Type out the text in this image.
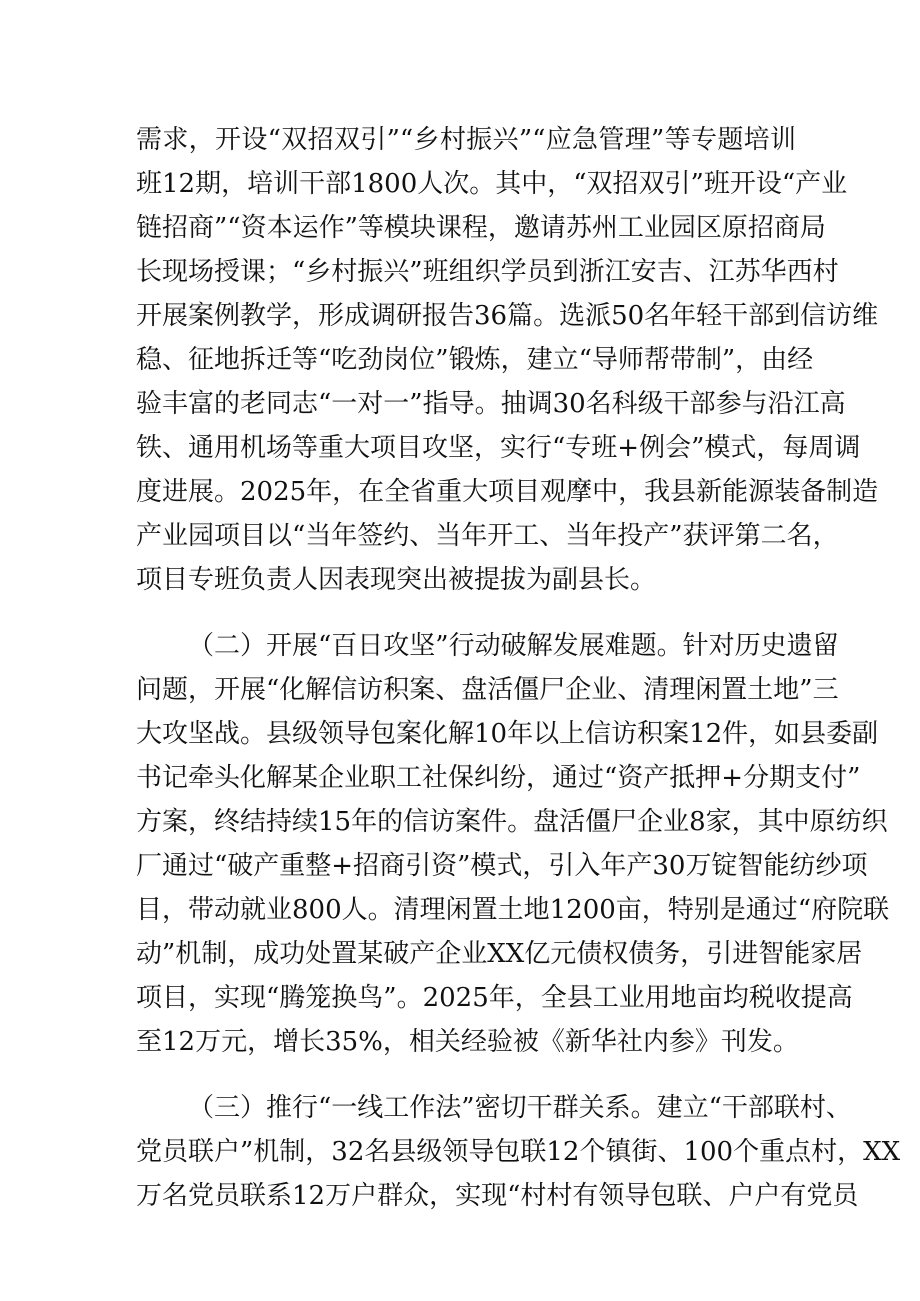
需求，开设“双招双引”“乡村振兴”“应急管理”等专题培训
班12期，培训干部1800人次。其中，“双招双引”班开设“产业
链招商”“资本运作”等模块课程，邀请苏州工业园区原招商局
长现场授课；“乡村振兴”班组织学员到浙江安吉、江苏华西村
开展案例教学，形成调研报告36篇。选派50名年轻干部到信访维
稳、征地拆迁等“吃劲岗位”锻炼，建立“导师帮带制”，由经
验丰富的老同志“一对一”指导。抽调30名科级干部参与沿江高
铁、通用机场等重大项目攻坚，实行“专班+例会”模式，每周调
度进展。2025年，在全省重大项目观摩中，我县新能源装备制造
产业园项目以“当年签约、当年开工、当年投产”获评第二名，
项目专班负责人因表现突出被提拔为副县长。
（二）开展“百日攻坚”行动破解发展难题。针对历史遗留
问题，开展“化解信访积案、盘活僵尸企业、清理闲置土地”三
大攻坚战。县级领导包案化解10年以上信访积案12件，如县委副
书记牵头化解某企业职工社保纠纷，通过“资产抵押+分期支付”
方案，终结持续15年的信访案件。盘活僵尸企业8家，其中原纺织
厂通过“破产重整+招商引资”模式，引入年产30万锭智能纺纱项
目，带动就业800人。清理闲置土地1200亩，特别是通过“府院联
动”机制，成功处置某破产企业XX亿元债权债务，引进智能家居
项目，实现“腾笼换鸟”。2025年，全县工业用地亩均税收提高
至12万元，增长35%，相关经验被《新华社内参》刊发。
（三）推行“一线工作法”密切干群关系。建立“干部联村、
党员联户”机制，32名县级领导包联12个镇街、100个重点村，XX
万名党员联系12万户群众，实现“村村有领导包联、户户有党员
